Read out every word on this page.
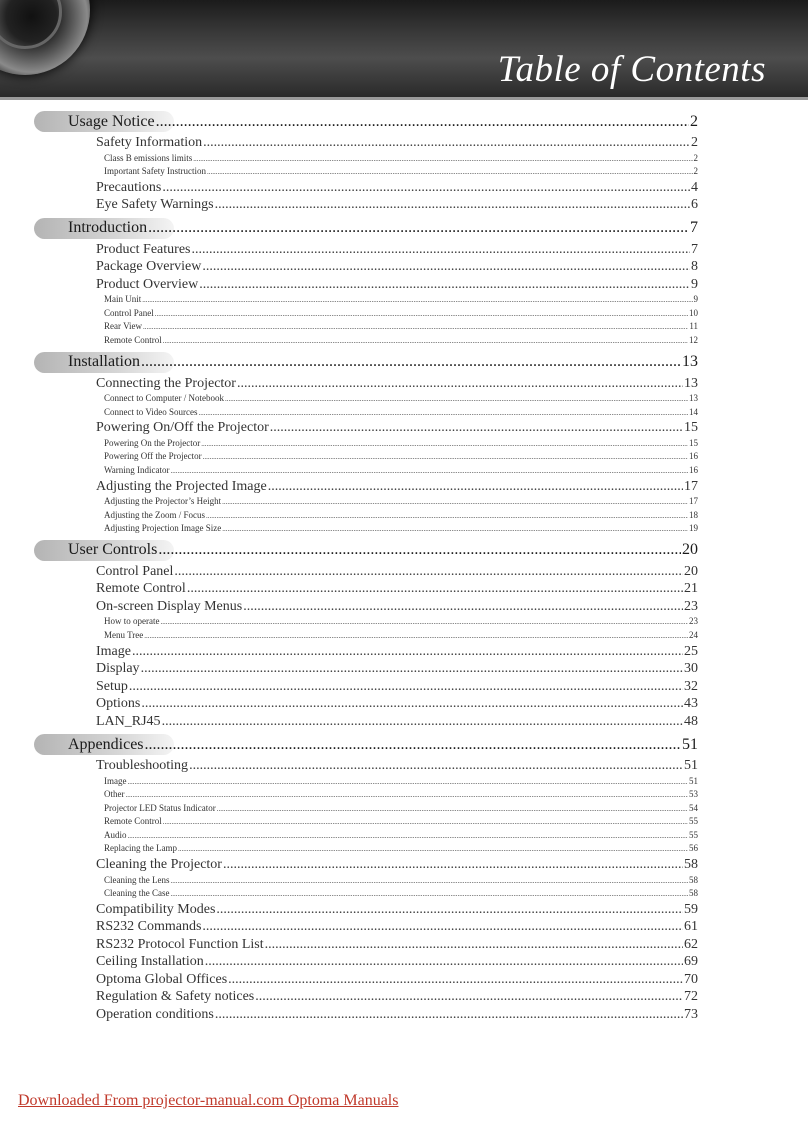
Table of Contents
Usage Notice .....	2
Safety Information .....	2
Class B emissions limits .....	2
Important Safety Instruction .....	2
Precautions .....	4
Eye Safety Warnings .....	6
Introduction .....	7
Product Features .....	7
Package Overview .....	8
Product Overview .....	9
Main Unit .....	9
Control Panel .....	10
Rear View .....	11
Remote Control .....	12
Installation .....	13
Connecting the Projector .....	13
Connect to Computer / Notebook .....	13
Connect to Video Sources .....	14
Powering On/Off the Projector .....	15
Powering On the Projector .....	15
Powering Off the Projector .....	16
Warning Indicator .....	16
Adjusting the Projected Image .....	17
Adjusting the Projector’s Height .....	17
Adjusting the Zoom / Focus .....	18
Adjusting Projection Image Size .....	19
User Controls .....	20
Control Panel .....	20
Remote Control .....	21
On-screen Display Menus .....	23
How to operate .....	23
Menu Tree .....	24
Image .....	25
Display .....	30
Setup .....	32
Options .....	43
LAN_RJ45 .....	48
Appendices .....	51
Troubleshooting .....	51
Image .....	51
Other .....	53
Projector LED Status Indicator .....	54
Remote Control .....	55
Audio .....	55
Replacing the Lamp .....	56
Cleaning the Projector .....	58
Cleaning the Lens .....	58
Cleaning the Case .....	58
Compatibility Modes .....	59
RS232 Commands .....	61
RS232 Protocol Function List .....	62
Ceiling Installation .....	69
Optoma Global Offices .....	70
Regulation & Safety notices .....	72
Operation conditions .....	73
Downloaded From projector-manual.com Optoma Manuals
